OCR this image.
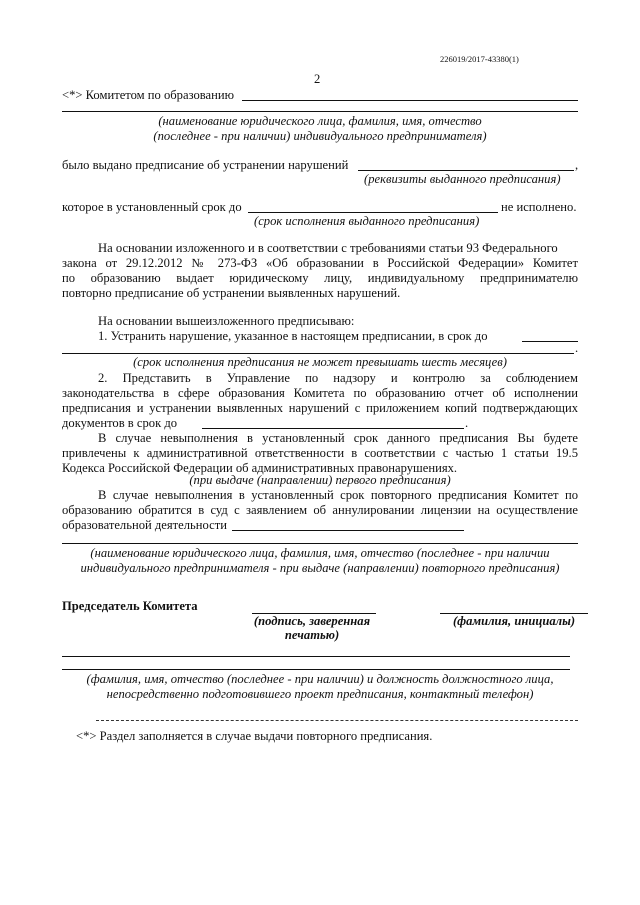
226019/2017-43380(1)
2
<*> Комитетом по образованию
(наименование юридического лица, фамилия, имя, отчество
(последнее - при наличии) индивидуального предпринимателя)
было выдано предписание об устранении нарушений	,
(реквизиты выданного предписания)
которое в установленный срок до	не исполнено.
(срок исполнения выданного предписания)
На основании изложенного и в соответствии с требованиями статьи 93 Федерального
закона от 29.12.2012 № 273-ФЗ «Об образовании в Российской Федерации» Комитет
по образованию выдает юридическому лицу, индивидуальному предпринимателю
повторно предписание об устранении выявленных нарушений.
На основании вышеизложенного предписываю:
1. Устранить нарушение, указанное в настоящем предписании, в срок до
.
(срок исполнения предписания не может превышать шесть месяцев)
2. Представить в Управление по надзору и контролю за соблюдением
законодательства в сфере образования Комитета по образованию отчет об исполнении
предписания и устранении выявленных нарушений с приложением копий подтверждающих
документов в срок до	.
В случае невыполнения в установленный срок данного предписания Вы будете
привлечены к административной ответственности в соответствии с частью 1 статьи 19.5
Кодекса Российской Федерации об административных правонарушениях.
(при выдаче (направлении) первого предписания)
В случае невыполнения в установленный срок повторного предписания Комитет по
образованию обратится в суд с заявлением об аннулировании лицензии на осуществление
образовательной деятельности
(наименование юридического лица, фамилия, имя, отчество (последнее - при наличии
индивидуального предпринимателя - при выдаче (направлении) повторного предписания)
Председатель Комитета
(подпись, заверенная
печатью)
(фамилия, инициалы)
(фамилия, имя, отчество (последнее - при наличии) и должность должностного лица,
непосредственно подготовившего проект предписания, контактный телефон)
<*> Раздел заполняется в случае выдачи повторного предписания.
